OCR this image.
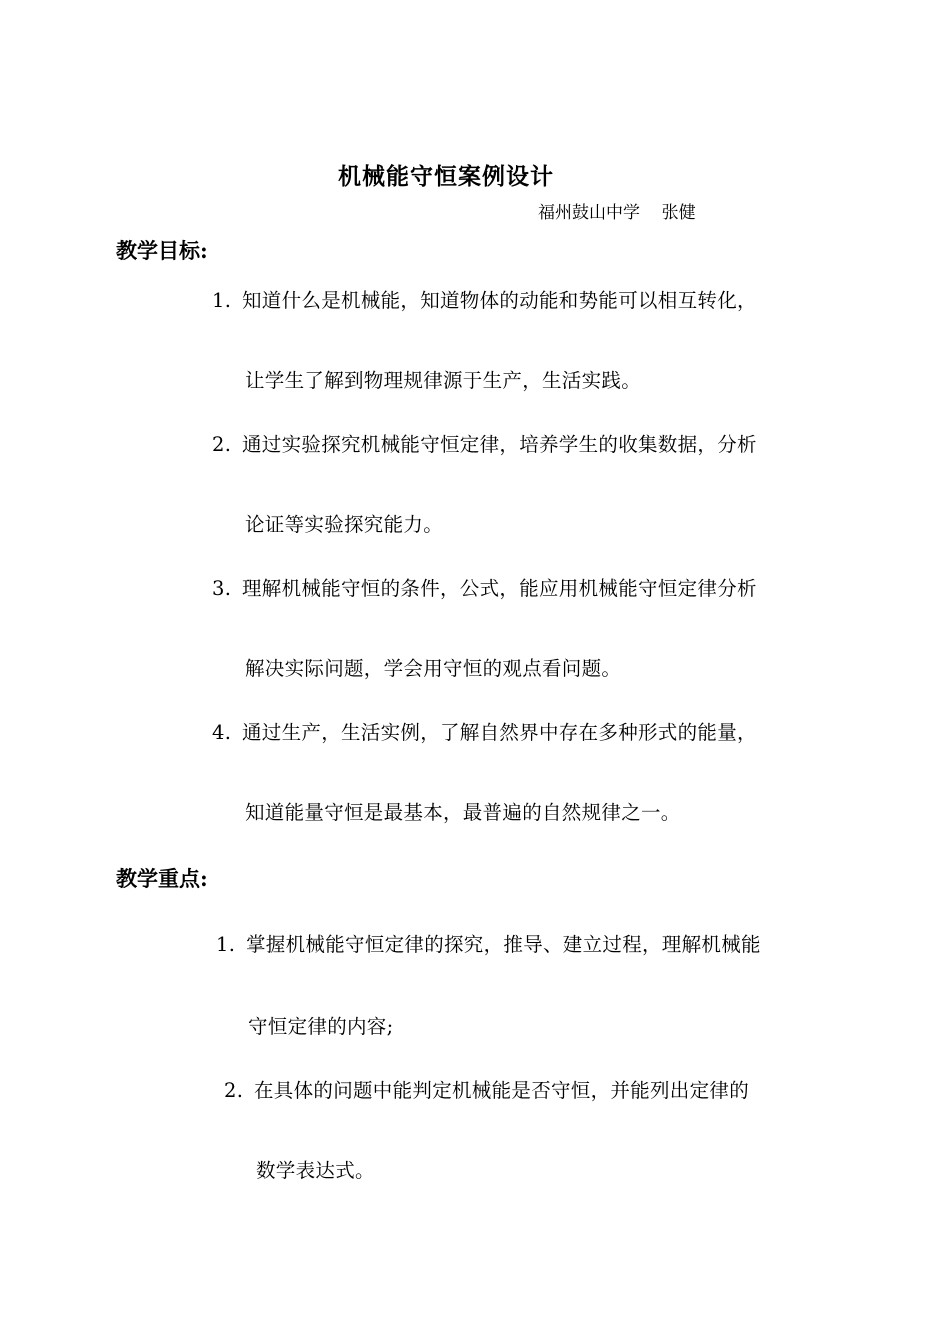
机械能守恒案例设计
福州鼓山中学    张健
教学目标:
1. 知道什么是机械能，知道物体的动能和势能可以相互转化，
让学生了解到物理规律源于生产，生活实践。
2. 通过实验探究机械能守恒定律，培养学生的收集数据，分析
论证等实验探究能力。
3. 理解机械能守恒的条件，公式，能应用机械能守恒定律分析
解决实际问题，学会用守恒的观点看问题。
4. 通过生产，生活实例，了解自然界中存在多种形式的能量，
知道能量守恒是最基本，最普遍的自然规律之一。
教学重点:
1. 掌握机械能守恒定律的探究，推导、建立过程，理解机械能
守恒定律的内容;
2. 在具体的问题中能判定机械能是否守恒，并能列出定律的
数学表达式。
